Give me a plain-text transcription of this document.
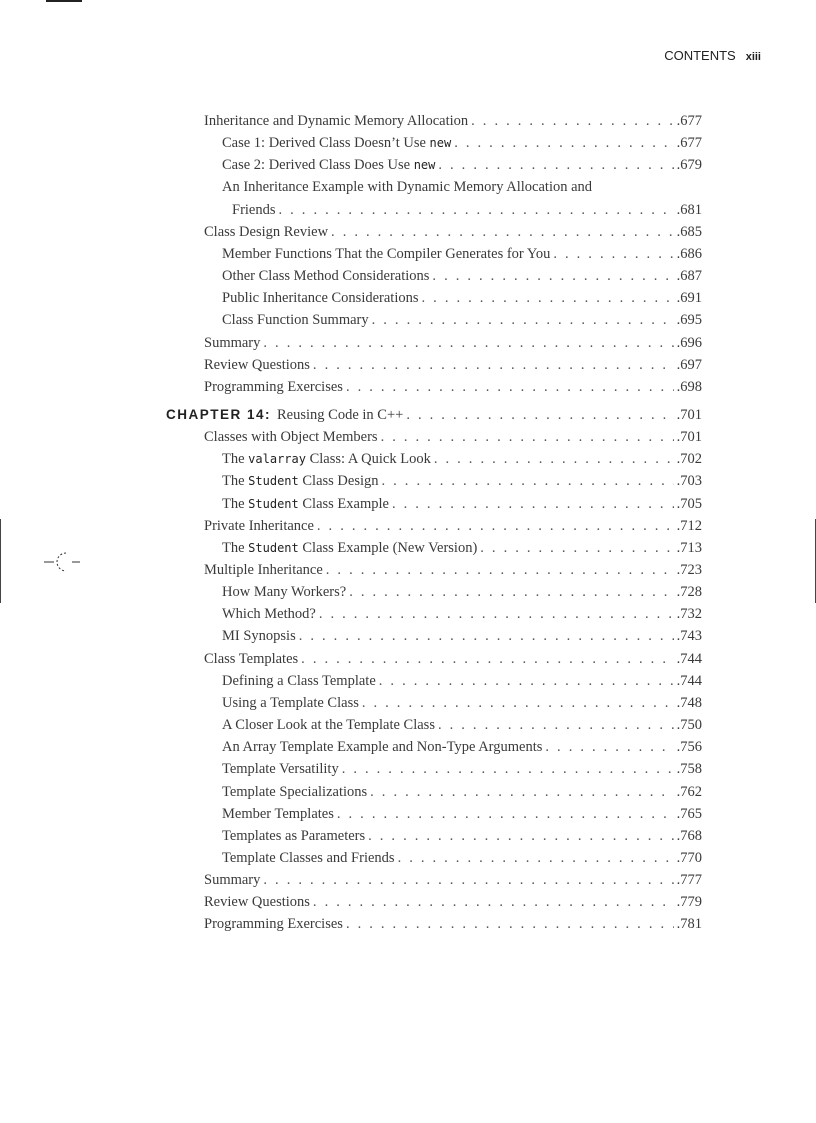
CONTENTS xiii
Inheritance and Dynamic Memory Allocation . . .	. 677
Case 1: Derived Class Doesn’t Use new . . .	. 677
Case 2: Derived Class Does Use new . . .	. 679
An Inheritance Example with Dynamic Memory Allocation and
Friends . . .	. 681
Class Design Review . . .	. 685
Member Functions That the Compiler Generates for You . . .	. 686
Other Class Method Considerations . . .	. 687
Public Inheritance Considerations . . .	. 691
Class Function Summary . . .	. 695
Summary . . .	. 696
Review Questions . . .	. 697
Programming Exercises . . .	. 698
CHAPTER 14: Reusing Code in C++ . . .	. 701
Classes with Object Members . . .	. 701
The valarray Class: A Quick Look . . .	. 702
The Student Class Design . . .	. 703
The Student Class Example . . .	. 705
Private Inheritance . . .	. 712
The Student Class Example (New Version) . . .	. 713
Multiple Inheritance . . .	. 723
How Many Workers? . . .	. 728
Which Method? . . .	. 732
MI Synopsis . . .	. 743
Class Templates . . .	. 744
Defining a Class Template . . .	. 744
Using a Template Class . . .	. 748
A Closer Look at the Template Class . . .	. 750
An Array Template Example and Non-Type Arguments . . .	. 756
Template Versatility . . .	. 758
Template Specializations . . .	. 762
Member Templates . . .	. 765
Templates as Parameters . . .	. 768
Template Classes and Friends . . .	. 770
Summary . . .	. 777
Review Questions . . .	. 779
Programming Exercises . . .	. 781
